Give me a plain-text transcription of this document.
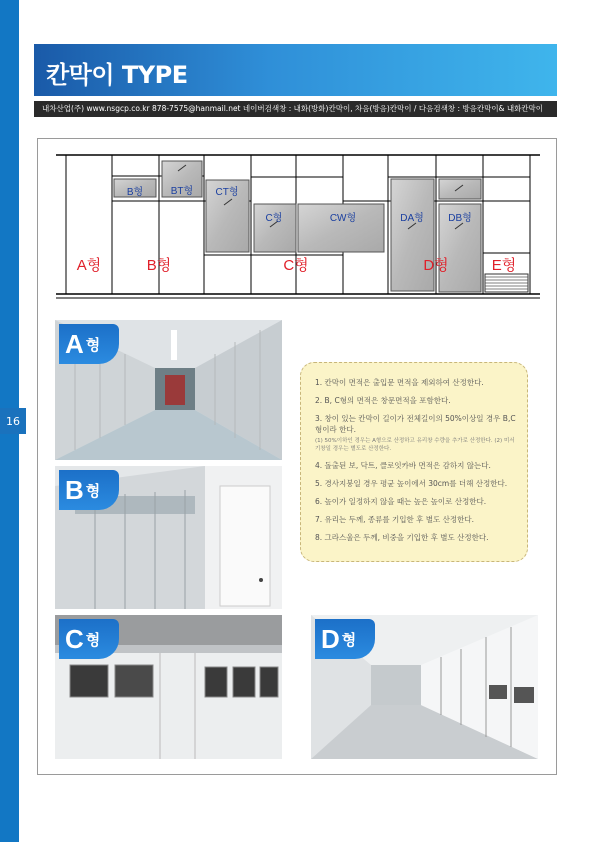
16
칸막이 TYPE
내차산업(주) www.nsgcp.co.kr 878-7575@hanmail.net 네이버검색창 : 내화(방화)칸막이, 차음(방음)칸막이 / 다음검색창 : 방음칸막이& 내화칸막이
B형	BT형 CT형
C형	CW형	DA형 DB형
A형	B형	C형	D형	E형
A 형
B 형
C 형	D 형
1. 칸막이 면적은 출입문 면적을 제외하여 산정한다.
2. B, C형의 면적은 창문면적을 포함한다.
3. 창이 있는 칸막이 길이가 전체길이의 50%이상일 경우 B,C형이라 한다.
(1) 50%이하인 경우는 A형으로 산정하고 유리창 수량을 추가로 산정한다. (2) 미서기창일 경우는 별도로 산정한다.
4. 돌출된 보, 닥트, 클로잇카바 면적은 감하지 않는다.
5. 경사지붕일 경우 평균 높이에서 30cm를 더해 산정한다.
6. 높이가 일정하지 않을 때는 높은 높이로 산정한다.
7. 유리는 두께, 종류를 기입한 후 별도 산정한다.
8. 그라스울은 두께, 비중을 기입한 후 별도 산정한다.
